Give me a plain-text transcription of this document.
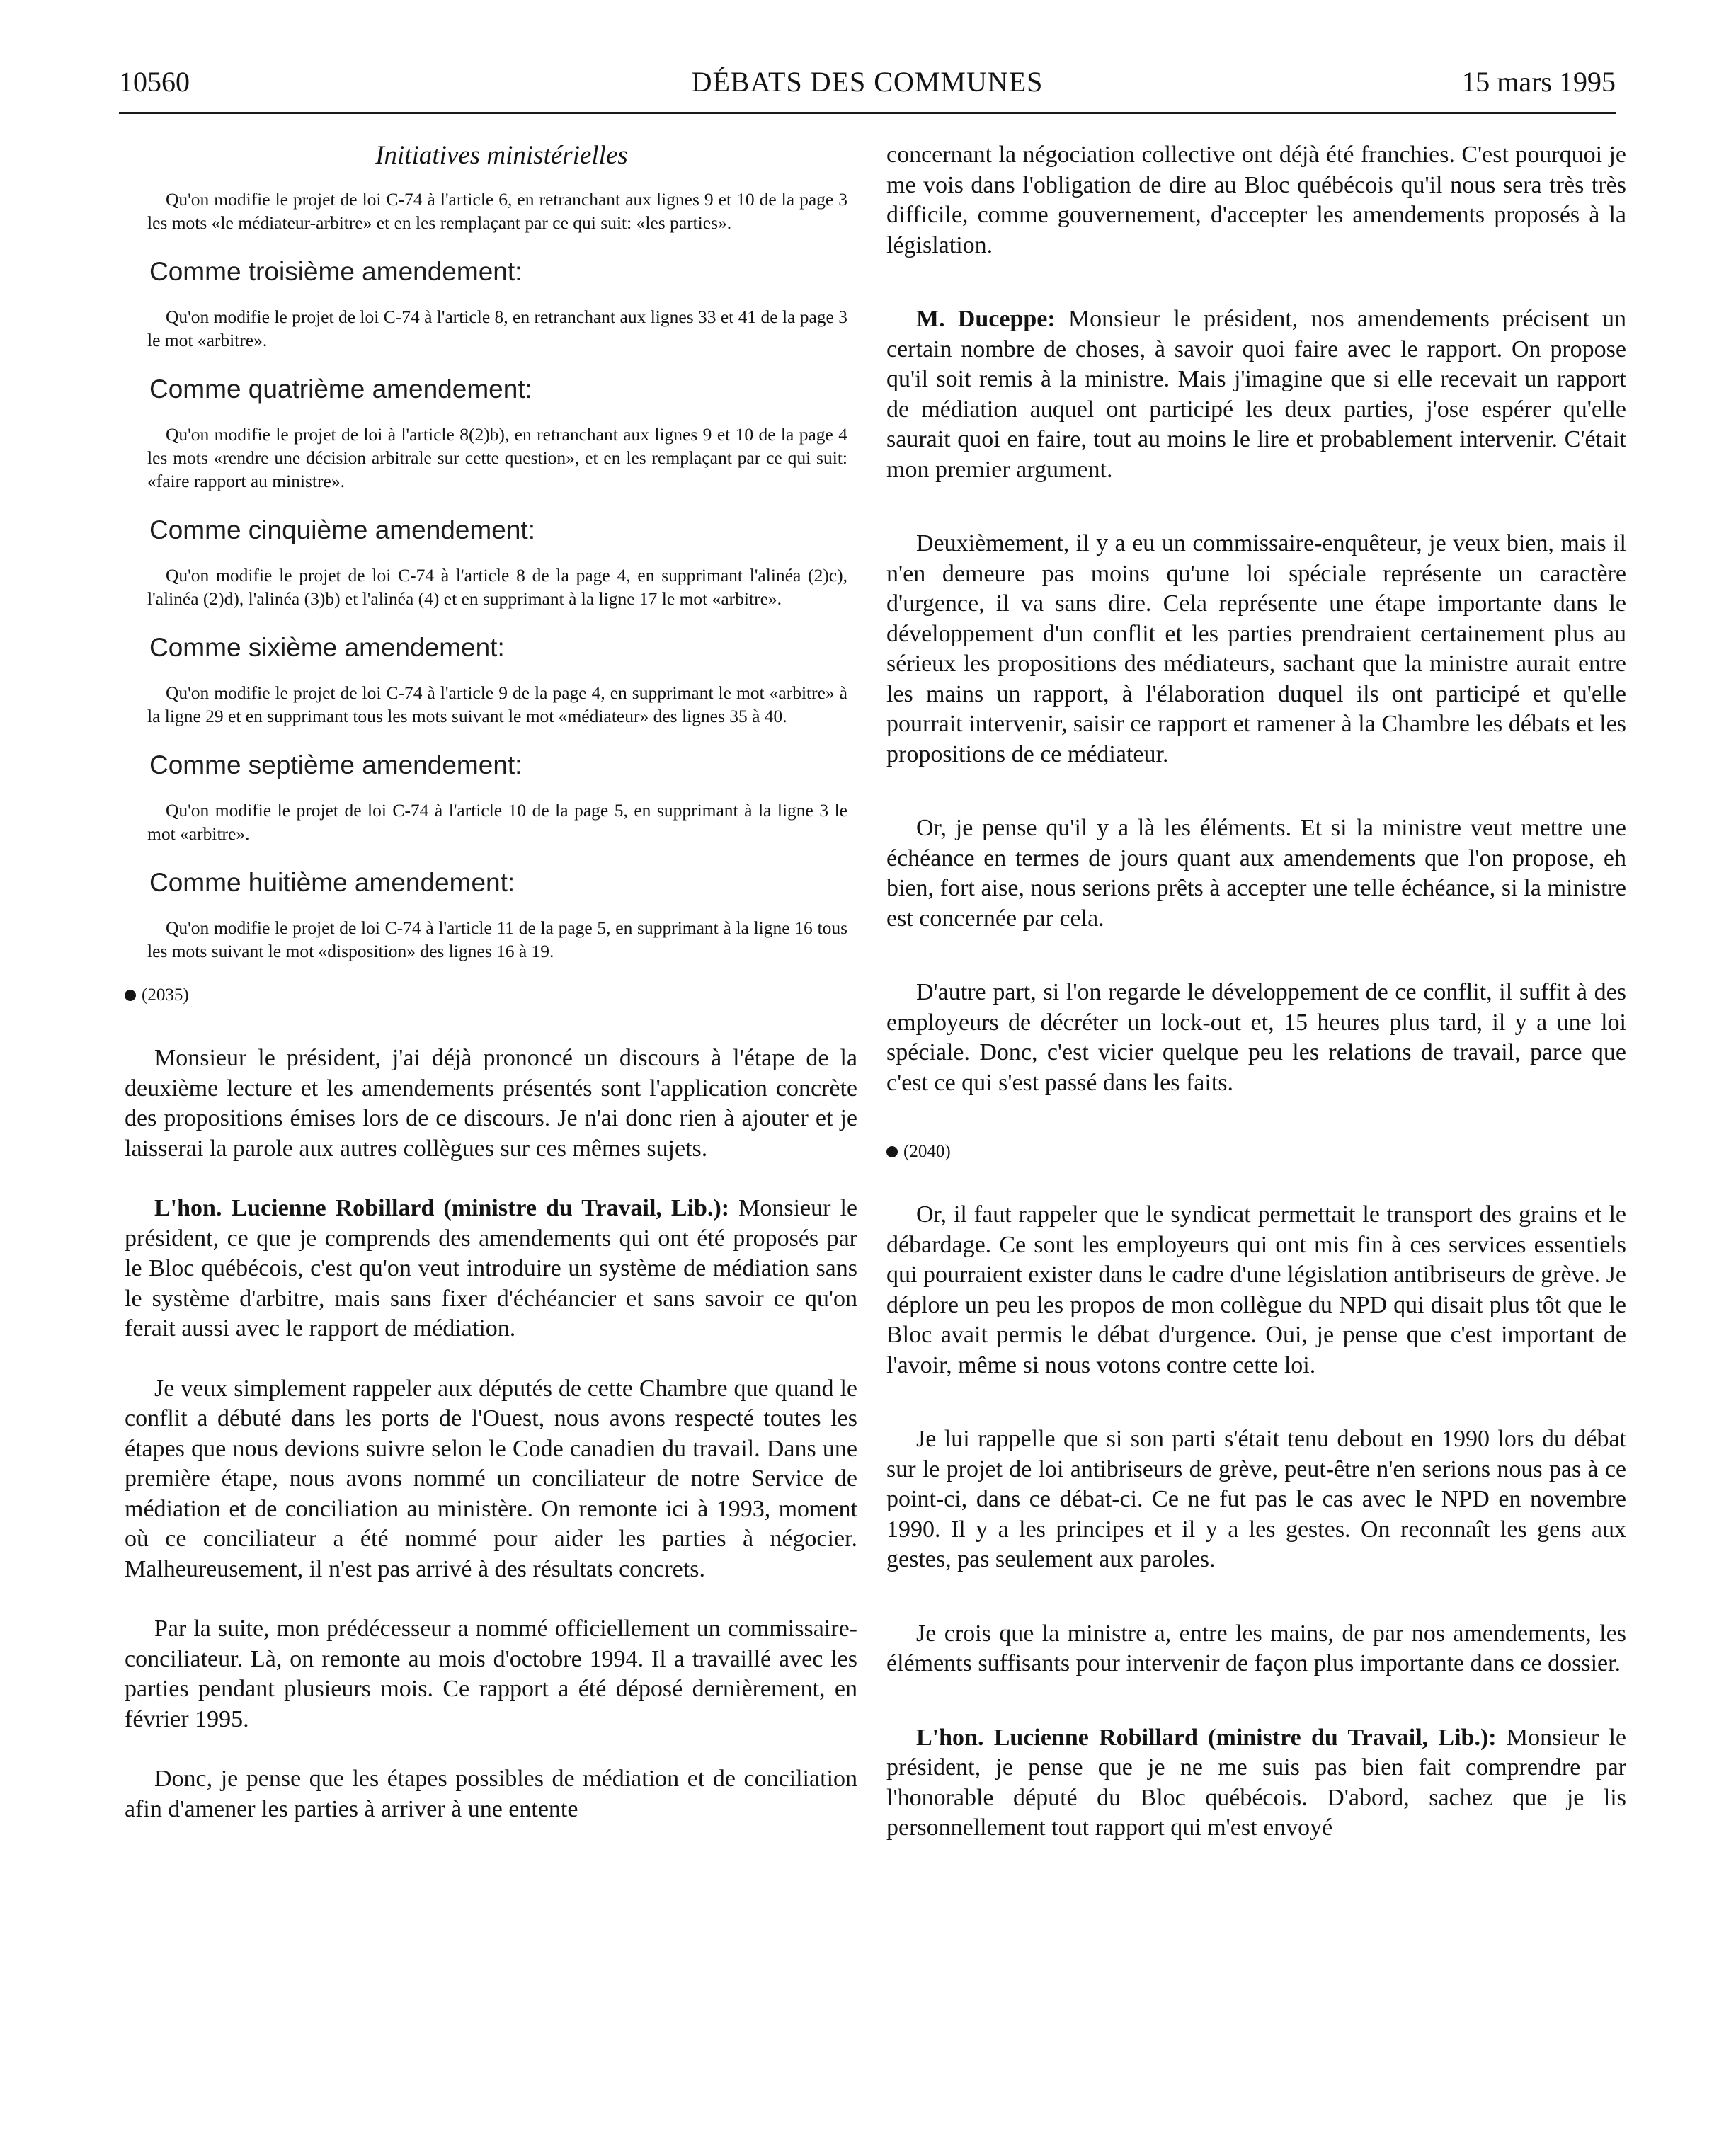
10560	DÉBATS DES COMMUNES	15 mars 1995
Initiatives ministérielles

Qu'on modifie le projet de loi C-74 à l'article 6, en retranchant aux lignes 9 et 10 de la page 3 les mots «le médiateur-arbitre» et en les remplaçant par ce qui suit: «les parties».

Comme troisième amendement:

Qu'on modifie le projet de loi C-74 à l'article 8, en retranchant aux lignes 33 et 41 de la page 3 le mot «arbitre».

Comme quatrième amendement:

Qu'on modifie le projet de loi à l'article 8(2)b), en retranchant aux lignes 9 et 10 de la page 4 les mots «rendre une décision arbitrale sur cette question», et en les remplaçant par ce qui suit: «faire rapport au ministre».

Comme cinquième amendement:

Qu'on modifie le projet de loi C-74 à l'article 8 de la page 4, en supprimant l'alinéa (2)c), l'alinéa (2)d), l'alinéa (3)b) et l'alinéa (4) et en supprimant à la ligne 17 le mot «arbitre».

Comme sixième amendement:

Qu'on modifie le projet de loi C-74 à l'article 9 de la page 4, en supprimant le mot «arbitre» à la ligne 29 et en supprimant tous les mots suivant le mot «médiateur» des lignes 35 à 40.

Comme septième amendement:

Qu'on modifie le projet de loi C-74 à l'article 10 de la page 5, en supprimant à la ligne 3 le mot «arbitre».

Comme huitième amendement:

Qu'on modifie le projet de loi C-74 à l'article 11 de la page 5, en supprimant à la ligne 16 tous les mots suivant le mot «disposition» des lignes 16 à 19.

(2035)

Monsieur le président, j'ai déjà prononcé un discours à l'étape de la deuxième lecture et les amendements présentés sont l'application concrète des propositions émises lors de ce discours. Je n'ai donc rien à ajouter et je laisserai la parole aux autres collègues sur ces mêmes sujets.

L'hon. Lucienne Robillard (ministre du Travail, Lib.): Monsieur le président, ce que je comprends des amendements qui ont été proposés par le Bloc québécois, c'est qu'on veut introduire un système de médiation sans le système d'arbitre, mais sans fixer d'échéancier et sans savoir ce qu'on ferait aussi avec le rapport de médiation.

Je veux simplement rappeler aux députés de cette Chambre que quand le conflit a débuté dans les ports de l'Ouest, nous avons respecté toutes les étapes que nous devions suivre selon le Code canadien du travail. Dans une première étape, nous avons nommé un conciliateur de notre Service de médiation et de conciliation au ministère. On remonte ici à 1993, moment où ce conciliateur a été nommé pour aider les parties à négocier. Malheureusement, il n'est pas arrivé à des résultats concrets.

Par la suite, mon prédécesseur a nommé officiellement un commissaire-conciliateur. Là, on remonte au mois d'octobre 1994. Il a travaillé avec les parties pendant plusieurs mois. Ce rapport a été déposé dernièrement, en février 1995.

Donc, je pense que les étapes possibles de médiation et de conciliation afin d'amener les parties à arriver à une entente

concernant la négociation collective ont déjà été franchies. C'est pourquoi je me vois dans l'obligation de dire au Bloc québécois qu'il nous sera très très difficile, comme gouvernement, d'accepter les amendements proposés à la législation.

M. Duceppe: Monsieur le président, nos amendements précisent un certain nombre de choses, à savoir quoi faire avec le rapport. On propose qu'il soit remis à la ministre. Mais j'imagine que si elle recevait un rapport de médiation auquel ont participé les deux parties, j'ose espérer qu'elle saurait quoi en faire, tout au moins le lire et probablement intervenir. C'était mon premier argument.

Deuxièmement, il y a eu un commissaire-enquêteur, je veux bien, mais il n'en demeure pas moins qu'une loi spéciale représente un caractère d'urgence, il va sans dire. Cela représente une étape importante dans le développement d'un conflit et les parties prendraient certainement plus au sérieux les propositions des médiateurs, sachant que la ministre aurait entre les mains un rapport, à l'élaboration duquel ils ont participé et qu'elle pourrait intervenir, saisir ce rapport et ramener à la Chambre les débats et les propositions de ce médiateur.

Or, je pense qu'il y a là les éléments. Et si la ministre veut mettre une échéance en termes de jours quant aux amendements que l'on propose, eh bien, fort aise, nous serions prêts à accepter une telle échéance, si la ministre est concernée par cela.

D'autre part, si l'on regarde le développement de ce conflit, il suffit à des employeurs de décréter un lock-out et, 15 heures plus tard, il y a une loi spéciale. Donc, c'est vicier quelque peu les relations de travail, parce que c'est ce qui s'est passé dans les faits.

(2040)

Or, il faut rappeler que le syndicat permettait le transport des grains et le débardage. Ce sont les employeurs qui ont mis fin à ces services essentiels qui pourraient exister dans le cadre d'une législation antibriseurs de grève. Je déplore un peu les propos de mon collègue du NPD qui disait plus tôt que le Bloc avait permis le débat d'urgence. Oui, je pense que c'est important de l'avoir, même si nous votons contre cette loi.

Je lui rappelle que si son parti s'était tenu debout en 1990 lors du débat sur le projet de loi antibriseurs de grève, peut-être n'en serions nous pas à ce point-ci, dans ce débat-ci. Ce ne fut pas le cas avec le NPD en novembre 1990. Il y a les principes et il y a les gestes. On reconnaît les gens aux gestes, pas seulement aux paroles.

Je crois que la ministre a, entre les mains, de par nos amendements, les éléments suffisants pour intervenir de façon plus importante dans ce dossier.

L'hon. Lucienne Robillard (ministre du Travail, Lib.): Monsieur le président, je pense que je ne me suis pas bien fait comprendre par l'honorable député du Bloc québécois. D'abord, sachez que je lis personnellement tout rapport qui m'est envoyé
